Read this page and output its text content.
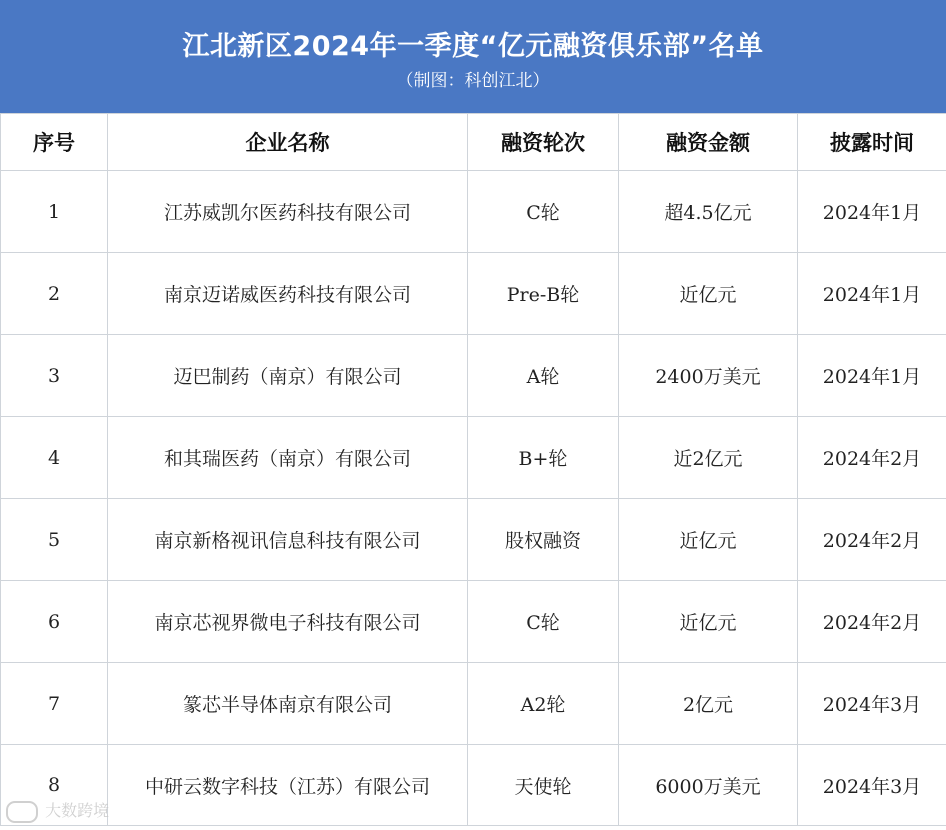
江北新区2024年一季度“亿元融资俱乐部”名单
（制图：科创江北）
序号	企业名称	融资轮次	融资金额	披露时间
1	江苏威凯尔医药科技有限公司	C轮	超4.5亿元	2024年1月
2	南京迈诺威医药科技有限公司	Pre-B轮	近亿元	2024年1月
3	迈巴制药（南京）有限公司	A轮	2400万美元	2024年1月
4	和其瑞医药（南京）有限公司	B+轮	近2亿元	2024年2月
5	南京新格视讯信息科技有限公司	股权融资	近亿元	2024年2月
6	南京芯视界微电子科技有限公司	C轮	近亿元	2024年2月
7	篆芯半导体南京有限公司	A2轮	2亿元	2024年3月
8	中研云数字科技（江苏）有限公司	天使轮	6000万美元	2024年3月
大数跨境
